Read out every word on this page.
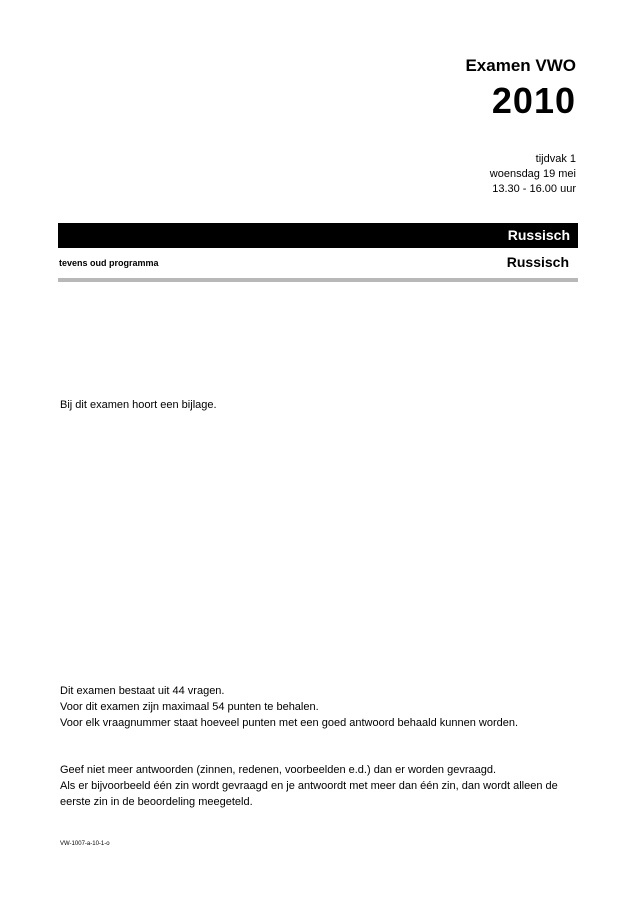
Examen VWO
2010
tijdvak 1
woensdag 19 mei
13.30 - 16.00 uur
Russisch
tevens oud programma	Russisch
Bij dit examen hoort een bijlage.
Dit examen bestaat uit 44 vragen.
Voor dit examen zijn maximaal 54 punten te behalen.
Voor elk vraagnummer staat hoeveel punten met een goed antwoord behaald kunnen worden.
Geef niet meer antwoorden (zinnen, redenen, voorbeelden e.d.) dan er worden gevraagd.
Als er bijvoorbeeld één zin wordt gevraagd en je antwoordt met meer dan één zin, dan wordt alleen de eerste zin in de beoordeling meegeteld.
VW-1007-a-10-1-o
